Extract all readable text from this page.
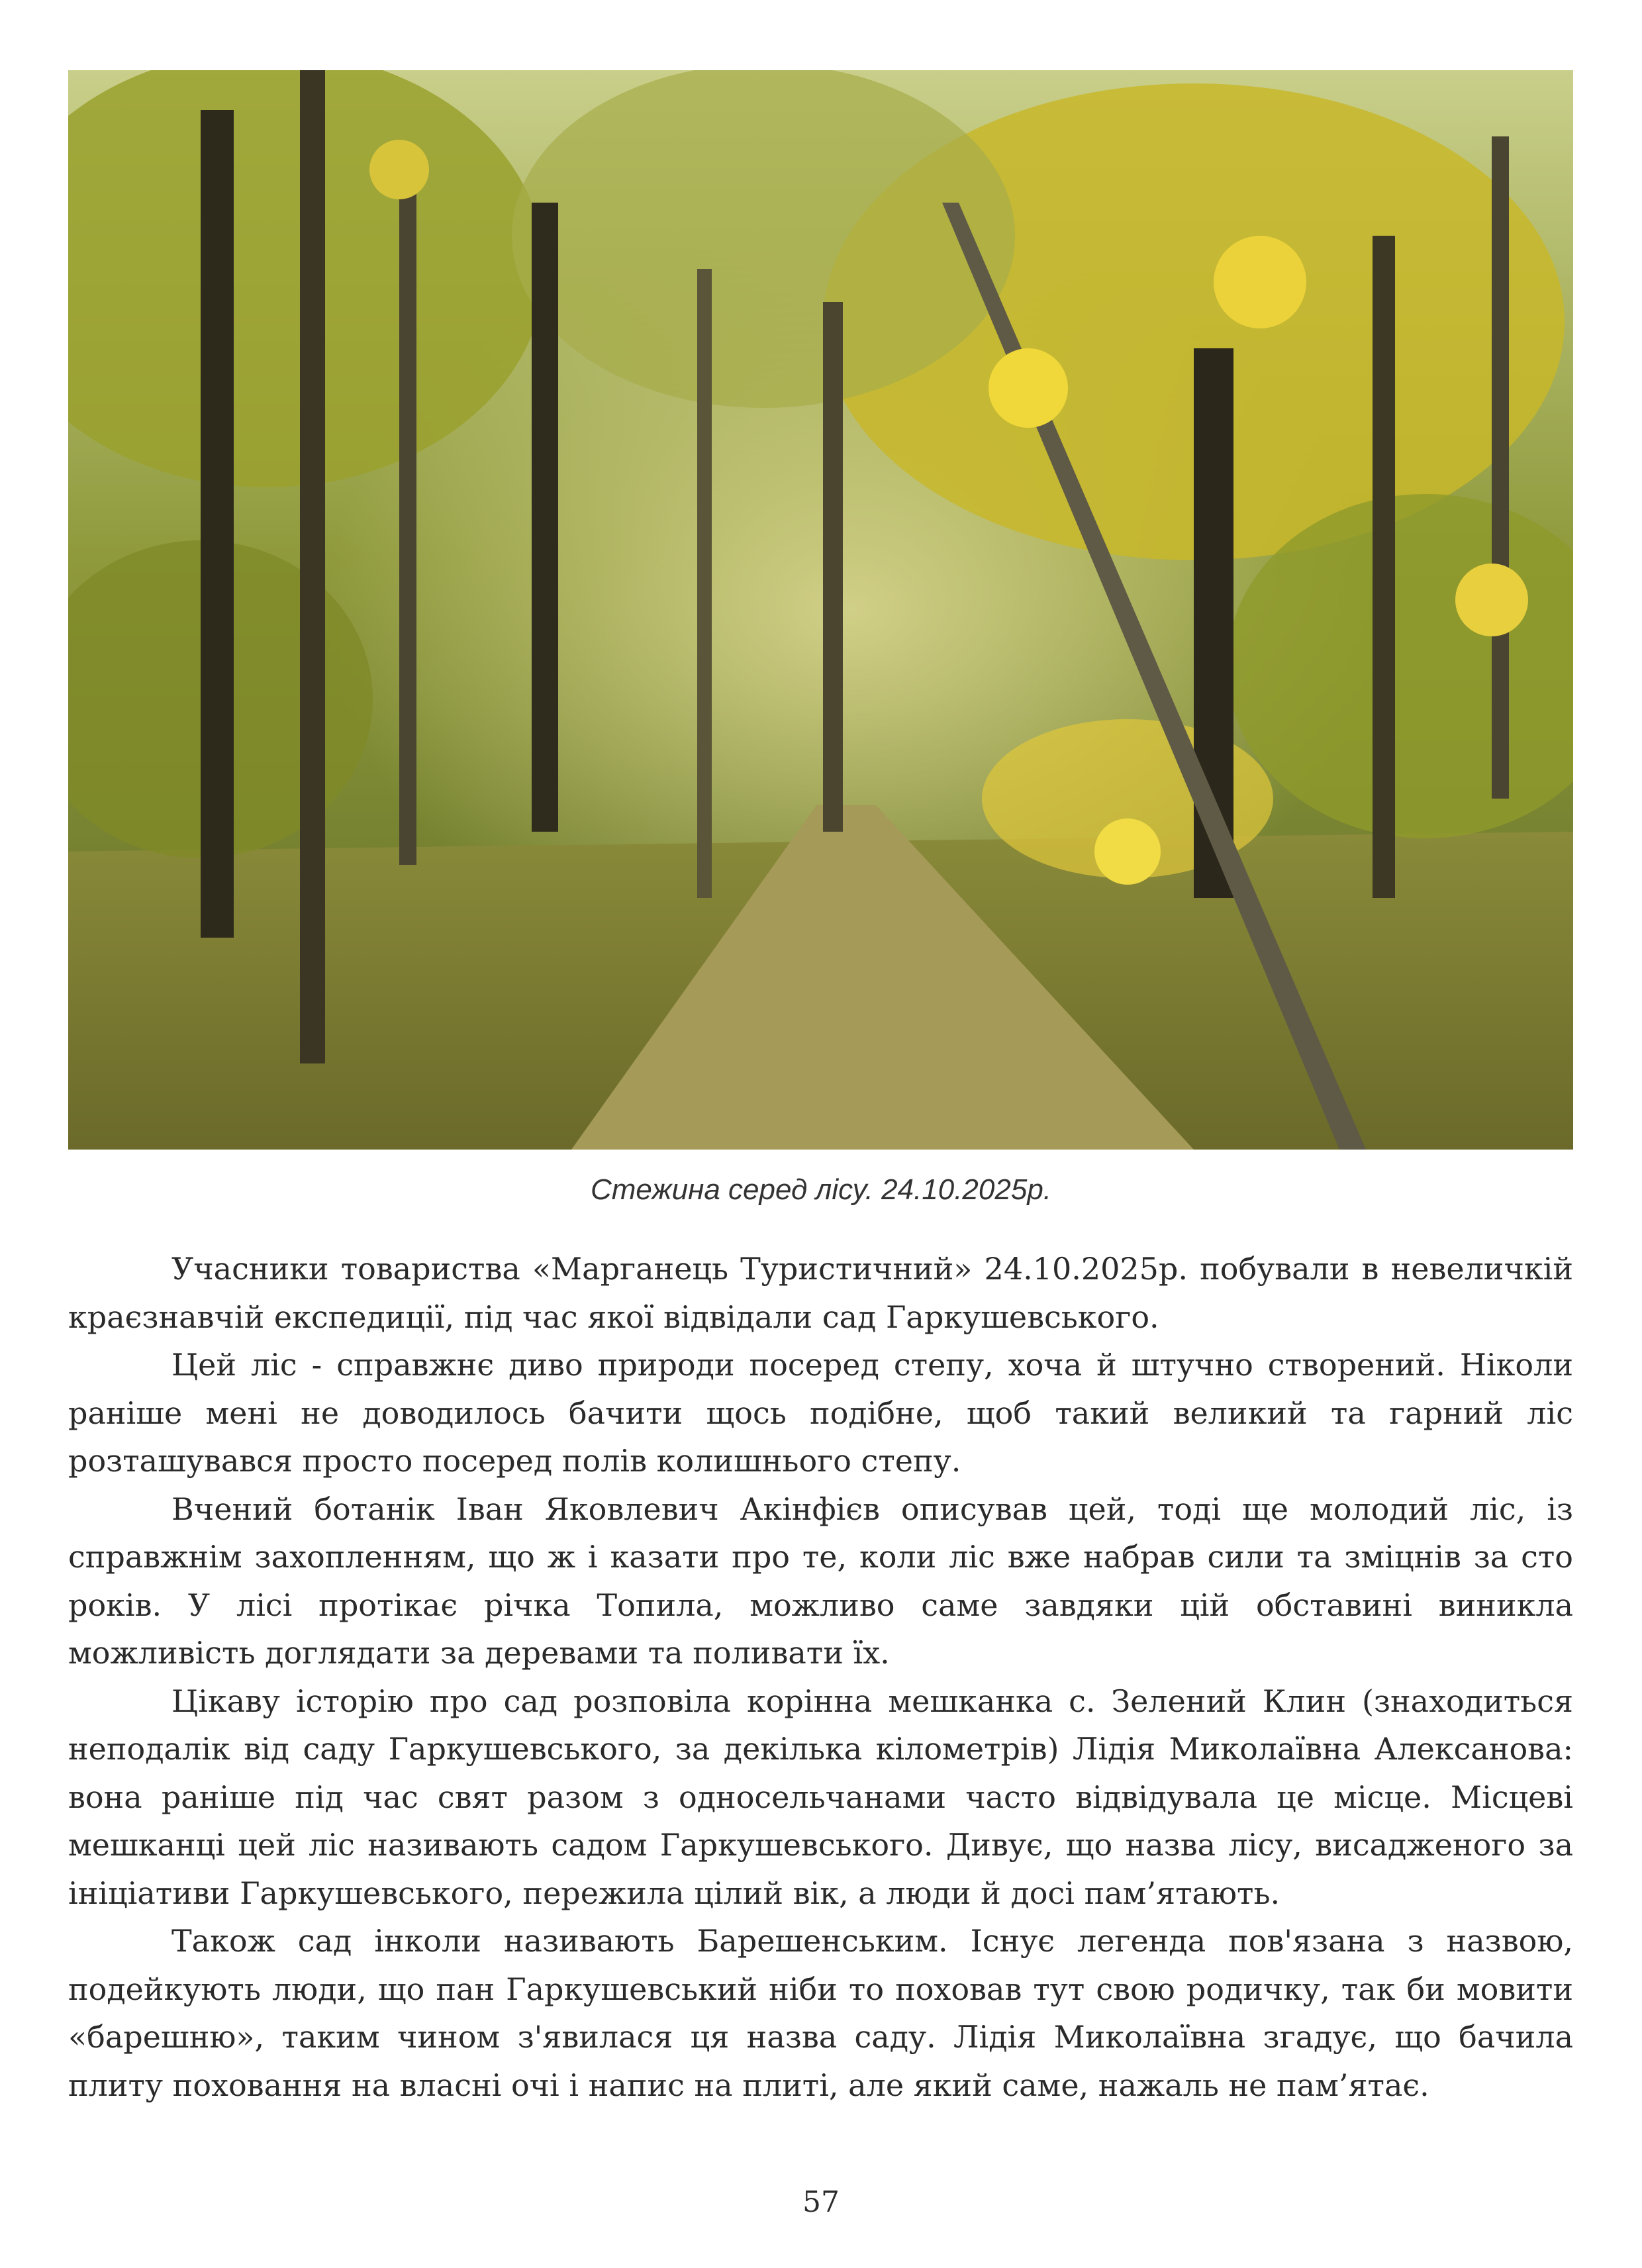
Стежина серед лісу. 24.10.2025р.

Учасники товариства «Марганець Туристичний» 24.10.2025р. побували в невеличкій краєзнавчій експедиції, під час якої відвідали сад Гаркушевського.

Цей ліс - справжнє диво природи посеред степу, хоча й штучно створений. Ніколи раніше мені не доводилось бачити щось подібне, щоб такий великий та гарний ліс розташувався просто посеред полів колишнього степу.

Вчений ботанік Іван Яковлевич Акінфієв описував цей, тоді ще молодий ліс, із справжнім захопленням, що ж і казати про те, коли ліс вже набрав сили та зміцнів за сто років. У лісі протікає річка Топила, можливо саме завдяки цій обставині виникла можливість доглядати за деревами та поливати їх.

Цікаву історію про сад розповіла корінна мешканка с. Зелений Клин (знаходиться неподалік від саду Гаркушевського, за декілька кілометрів) Лідія Миколаївна Алексанова: вона раніше під час свят разом з односельчанами часто відвідувала це місце. Місцеві мешканці цей ліс називають садом Гаркушевського. Дивує, що назва лісу, висадженого за ініціативи Гаркушевського, пережила цілий вік, а люди й досі пам’ятають.

Також сад інколи називають Барешенським. Існує легенда пов'язана з назвою, подейкують люди, що пан Гаркушевський ніби то поховав тут свою родичку, так би мовити «барешню», таким чином з'явилася ця назва саду. Лідія Миколаївна згадує, що бачила плиту поховання на власні очі і напис на плиті, але який саме, нажаль не пам’ятає.

57
